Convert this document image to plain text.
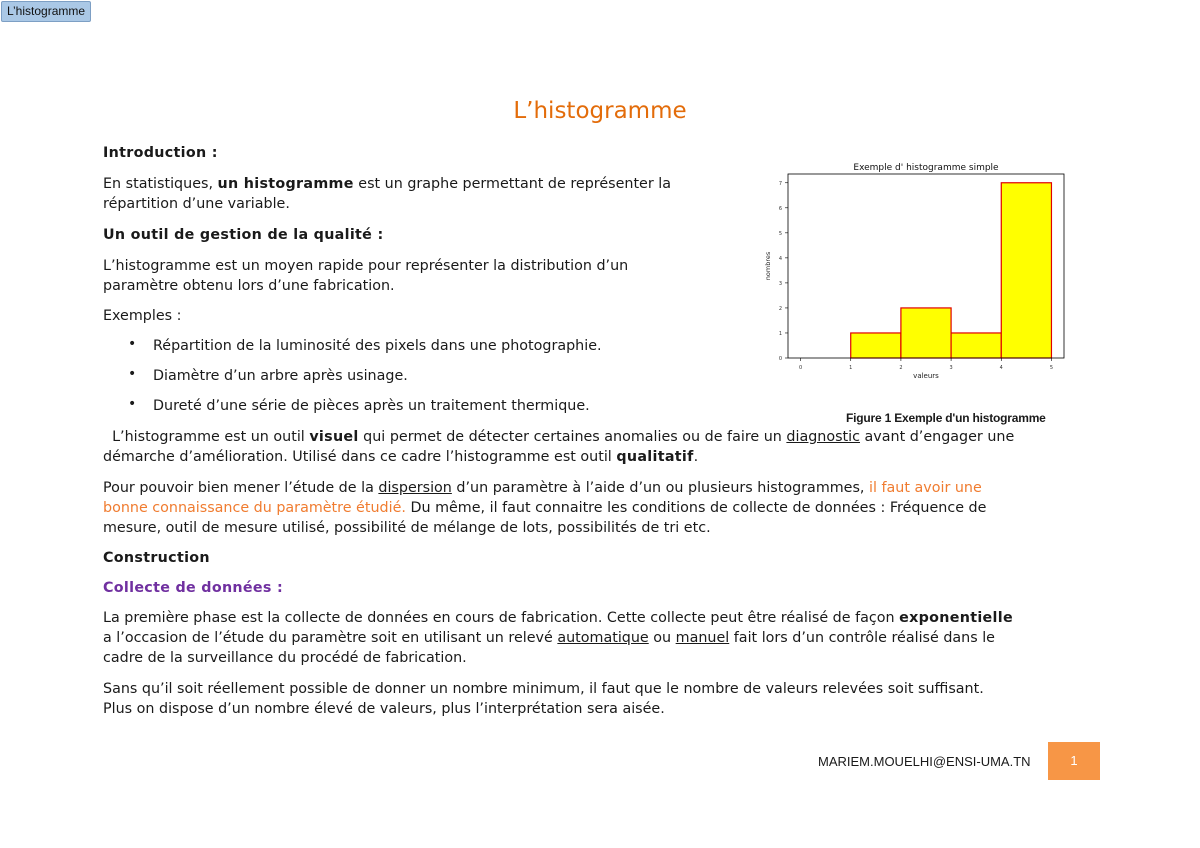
L’histogramme
L’histogramme

Introduction :

En statistiques, un histogramme est un graphe permettant de représenter la

répartition d’une variable.

Un outil de gestion de la qualité :

L’histogramme est un moyen rapide pour représenter la distribution d’un

paramètre obtenu lors d’une fabrication.

Exemples :

• Répartition de la luminosité des pixels dans une photographie.

• Diamètre d’un arbre après usinage.

• Dureté d’une série de pièces après un traitement thermique.

L’histogramme est un outil visuel qui permet de détecter certaines anomalies ou de faire un diagnostic avant d’engager une

démarche d’amélioration. Utilisé dans ce cadre l’histogramme est outil qualitatif.

Pour pouvoir bien mener l’étude de la dispersion d’un paramètre à l’aide d’un ou plusieurs histogrammes, il faut avoir une

bonne connaissance du paramètre étudié. Du même, il faut connaitre les conditions de collecte de données : Fréquence de

mesure, outil de mesure utilisé, possibilité de mélange de lots, possibilités de tri etc.

Construction

Collecte de données :

La première phase est la collecte de données en cours de fabrication. Cette collecte peut être réalisé de façon exponentielle

a l’occasion de l’étude du paramètre soit en utilisant un relevé automatique ou manuel fait lors d’un contrôle réalisé dans le

cadre de la surveillance du procédé de fabrication.

Sans qu’il soit réellement possible de donner un nombre minimum, il faut que le nombre de valeurs relevées soit suffisant.

Plus on dispose d’un nombre élevé de valeurs, plus l’interprétation sera aisée.

Exemple d' histogramme simple
0
1
2
3
4
5
6
7
0	1	2	3	4	5
valeurs
nombres

Figure 1 Exemple d'un histogramme

MARIEM.MOUELHI@ENSI-UMA.TN	1
